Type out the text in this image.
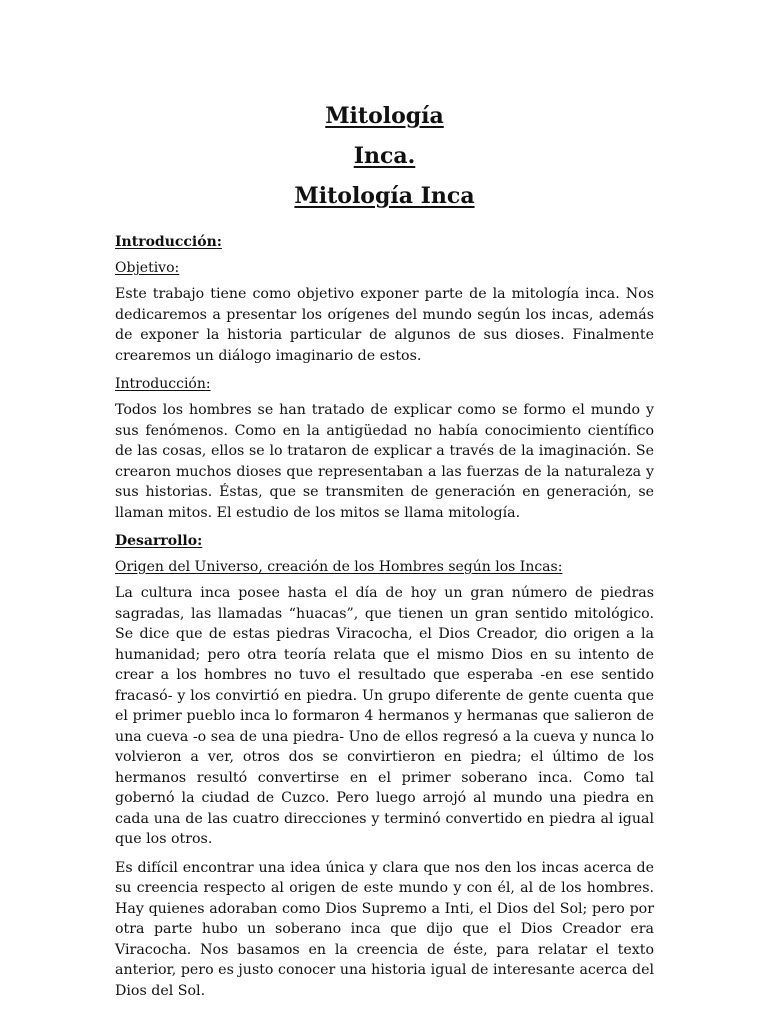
Mitología
Inca.
Mitología Inca
Introducción:
Objetivo:

Este trabajo tiene como objetivo exponer parte de la mitología inca. Nos dedicaremos a presentar los orígenes del mundo según los incas, además de exponer la historia particular de algunos de sus dioses. Finalmente crearemos un diálogo imaginario de estos.

Introducción:

Todos los hombres se han tratado de explicar como se formo el mundo y sus fenómenos. Como en la antigüedad no había conocimiento científico de las cosas, ellos se lo trataron de explicar a través de la imaginación. Se crearon muchos dioses que representaban a las fuerzas de la naturaleza y sus historias. Éstas, que se transmiten de generación en generación, se llaman mitos. El estudio de los mitos se llama mitología.

Desarrollo:
Origen del Universo, creación de los Hombres según los Incas:

La cultura inca posee hasta el día de hoy un gran número de piedras sagradas, las llamadas “huacas”, que tienen un gran sentido mitológico. Se dice que de estas piedras Viracocha, el Dios Creador, dio origen a la humanidad; pero otra teoría relata que el mismo Dios en su intento de crear a los hombres no tuvo el resultado que esperaba -en ese sentido fracasó- y los convirtió en piedra. Un grupo diferente de gente cuenta que el primer pueblo inca lo formaron 4 hermanos y hermanas que salieron de una cueva -o sea de una piedra- Uno de ellos regresó a la cueva y nunca lo volvieron a ver, otros dos se convirtieron en piedra; el último de los hermanos resultó convertirse en el primer soberano inca. Como tal gobernó la ciudad de Cuzco. Pero luego arrojó al mundo una piedra en cada una de las cuatro direcciones y terminó convertido en piedra al igual que los otros.

Es difícil encontrar una idea única y clara que nos den los incas acerca de su creencia respecto al origen de este mundo y con él, al de los hombres. Hay quienes adoraban como Dios Supremo a Inti, el Dios del Sol; pero por otra parte hubo un soberano inca que dijo que el Dios Creador era Viracocha. Nos basamos en la creencia de éste, para relatar el texto anterior, pero es justo conocer una historia igual de interesante acerca del Dios del Sol.
